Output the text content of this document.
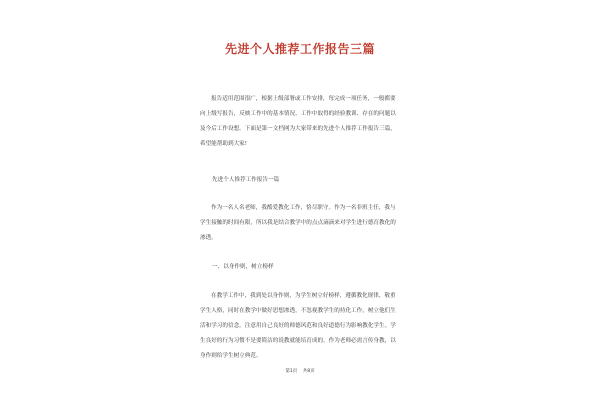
先进个人推荐工作报告三篇

报告适用范围很广，根据上级部署或工作安排，每完成一项任务，一般都要向上级写报告，反映工作中的基本情况、工作中取得的经验教训、存在的问题以及今后工作设想。下面是第一文档网为大家带来的先进个人推荐工作报告三篇，希望能帮助到大家!

先进个人推荐工作报告一篇

作为一名人名老师，我酷爱教化工作，恪尽职守。作为一名非班主任，我与学生接触的时间有限，所以我是结合教学中的点点滴滴来对学生进行德育教化的渗透。

一、以身作则，树立榜样

在教学工作中，我到处以身作则，为学生树立好榜样，遵循教化规律，敬重学生人格，同时在教学中做好思想渗透，不忽视教学生的持化工作，树立他们生活和学习的信念。注意用自己良好的师德风范和良好道德行为影响教化学生。学生良好的行为习惯不是要简洁的说教就能培育成的，作为老师必需言传身教，以身作则给学生树立典范。

第1页 共8页
